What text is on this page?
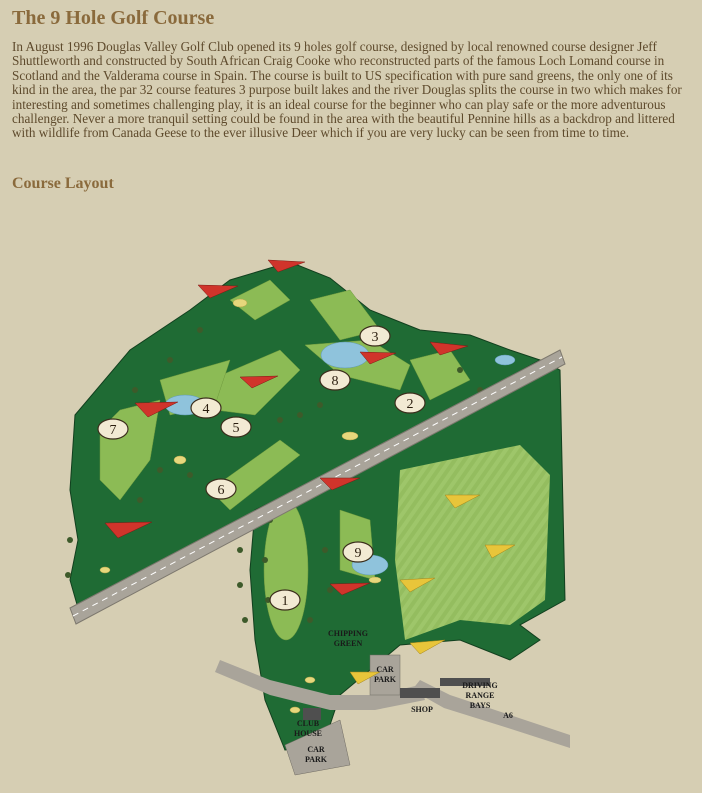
The 9 Hole Golf Course

In August 1996 Douglas Valley Golf Club opened its 9 holes golf course, designed by local renowned course designer Jeff Shuttleworth and constructed by South African Craig Cooke who reconstructed parts of the famous Loch Lomand course in Scotland and the Valderama course in Spain. The course is built to US specification with pure sand greens, the only one of its kind in the area, the par 32 course features 3 purpose built lakes and the river Douglas splits the course in two which makes for interesting and sometimes challenging play, it is an ideal course for the beginner who can play safe or the more adventurous challenger. Never a more tranquil setting could be found in the area with the beautiful Pennine hills as a backdrop and littered with wildlife from Canada Geese to the ever illusive Deer which if you are very lucky can be seen from time to time.

Course Layout
1
2
3
4
5
6
7
8
9
CHIPPING
GREEN
CAR
PARK
DRIVING
RANGE
BAYS
SHOP
A6
CLUB
HOUSE
CAR
PARK
